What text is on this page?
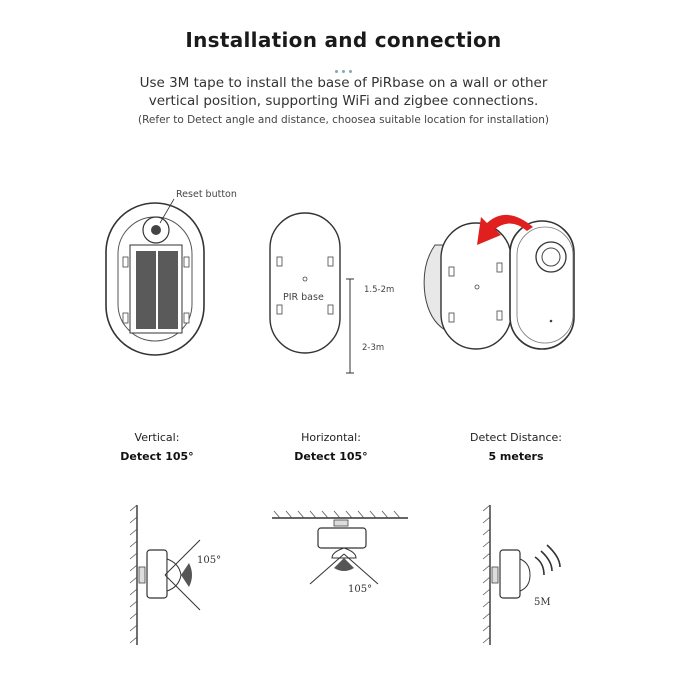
Installation and connection
Use 3M tape to install the base of PiRbase on a wall or other
vertical position, supporting WiFi and zigbee connections.
(Refer to Detect angle and distance, choosea suitable location for installation)
Reset button
PIR base
1.5-2m
2-3m
Vertical:
Detect 105°
Horizontal:
Detect 105°
Detect Distance:
5 meters
105°
105°
5M
